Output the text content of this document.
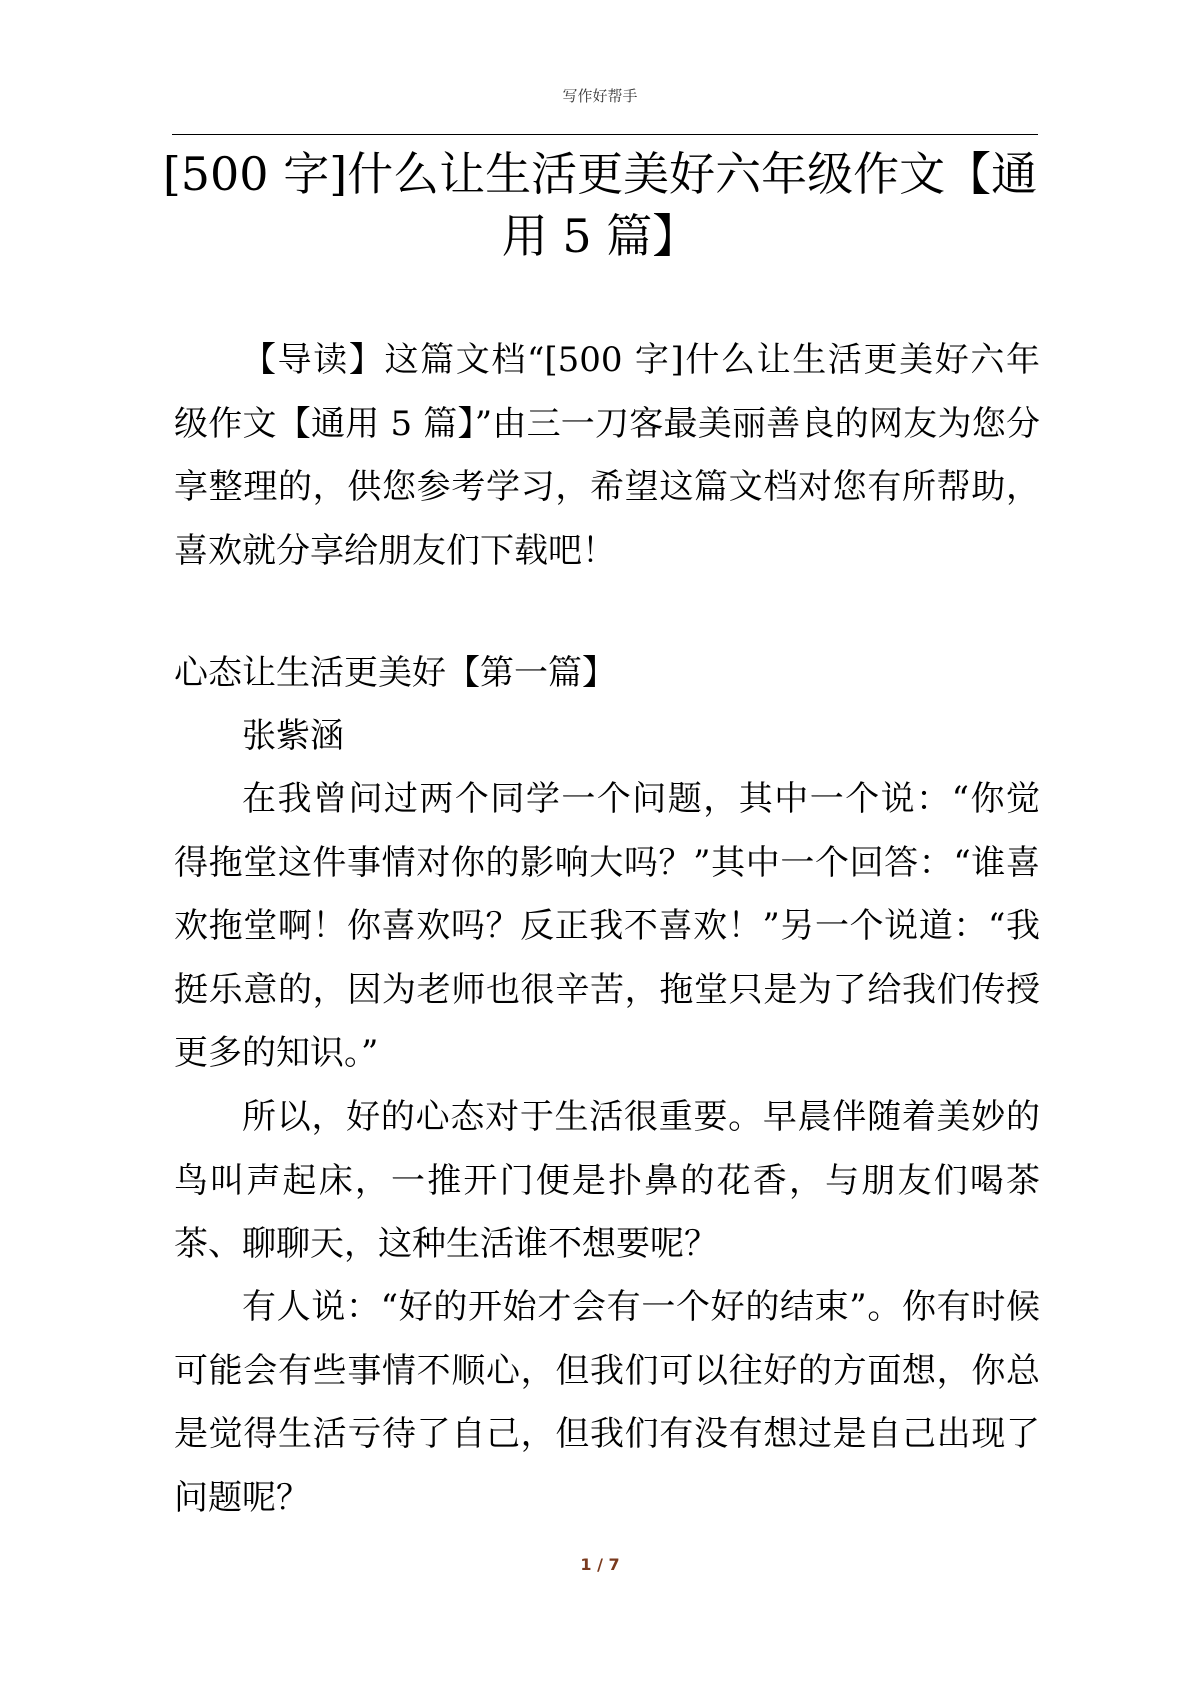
写作好帮手
[500 字]什么让生活更美好六年级作文【通用 5 篇】

【导读】这篇文档“[500 字]什么让生活更美好六年级作文【通用 5 篇】”由三一刀客最美丽善良的网友为您分享整理的，供您参考学习，希望这篇文档对您有所帮助，喜欢就分享给朋友们下载吧！

心态让生活更美好【第一篇】

张紫涵

在我曾问过两个同学一个问题，其中一个说：“你觉得拖堂这件事情对你的影响大吗？”其中一个回答：“谁喜欢拖堂啊！你喜欢吗？反正我不喜欢！”另一个说道：“我挺乐意的，因为老师也很辛苦，拖堂只是为了给我们传授更多的知识。”

所以，好的心态对于生活很重要。早晨伴随着美妙的鸟叫声起床，一推开门便是扑鼻的花香，与朋友们喝茶茶、聊聊天，这种生活谁不想要呢？

有人说：“好的开始才会有一个好的结束”。你有时候可能会有些事情不顺心，但我们可以往好的方面想，你总是觉得生活亏待了自己，但我们有没有想过是自己出现了问题呢？

1 / 7
